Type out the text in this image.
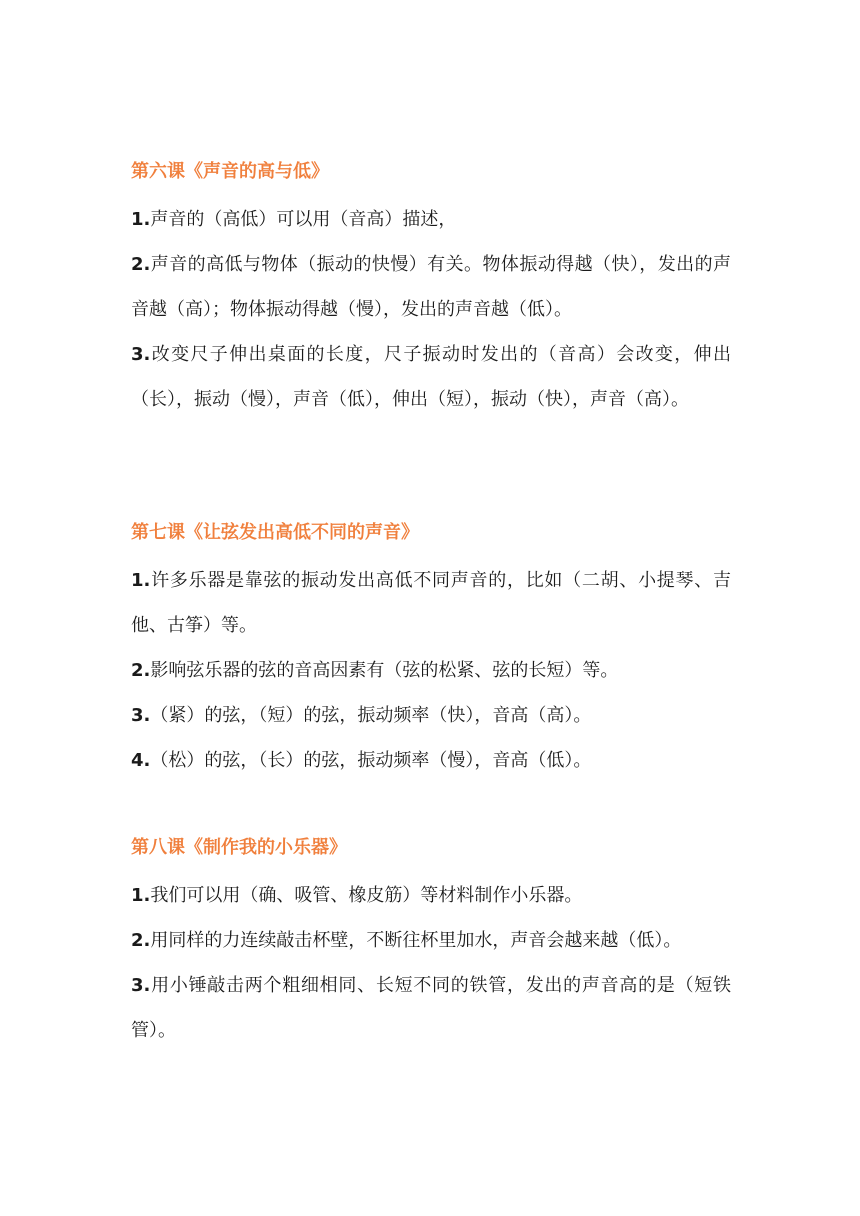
第六课《声音的高与低》

1.声音的（高低）可以用（音高）描述，

2.声音的高低与物体（振动的快慢）有关。物体振动得越（快），发出的声音越（高）；物体振动得越（慢），发出的声音越（低）。

3.改变尺子伸出桌面的长度，尺子振动时发出的（音高）会改变，伸出（长），振动（慢），声音（低），伸出（短），振动（快），声音（高）。

第七课《让弦发出高低不同的声音》

1.许多乐器是靠弦的振动发出高低不同声音的，比如（二胡、小提琴、吉他、古筝）等。

2.影响弦乐器的弦的音高因素有（弦的松紧、弦的长短）等。

3.（紧）的弦，（短）的弦，振动频率（快），音高（高）。

4.（松）的弦，（长）的弦，振动频率（慢），音高（低）。

第八课《制作我的小乐器》

1.我们可以用（确、吸管、橡皮筋）等材料制作小乐器。

2.用同样的力连续敲击杯壁，不断往杯里加水，声音会越来越（低）。

3.用小锤敲击两个粗细相同、长短不同的铁管，发出的声音高的是（短铁管）。
